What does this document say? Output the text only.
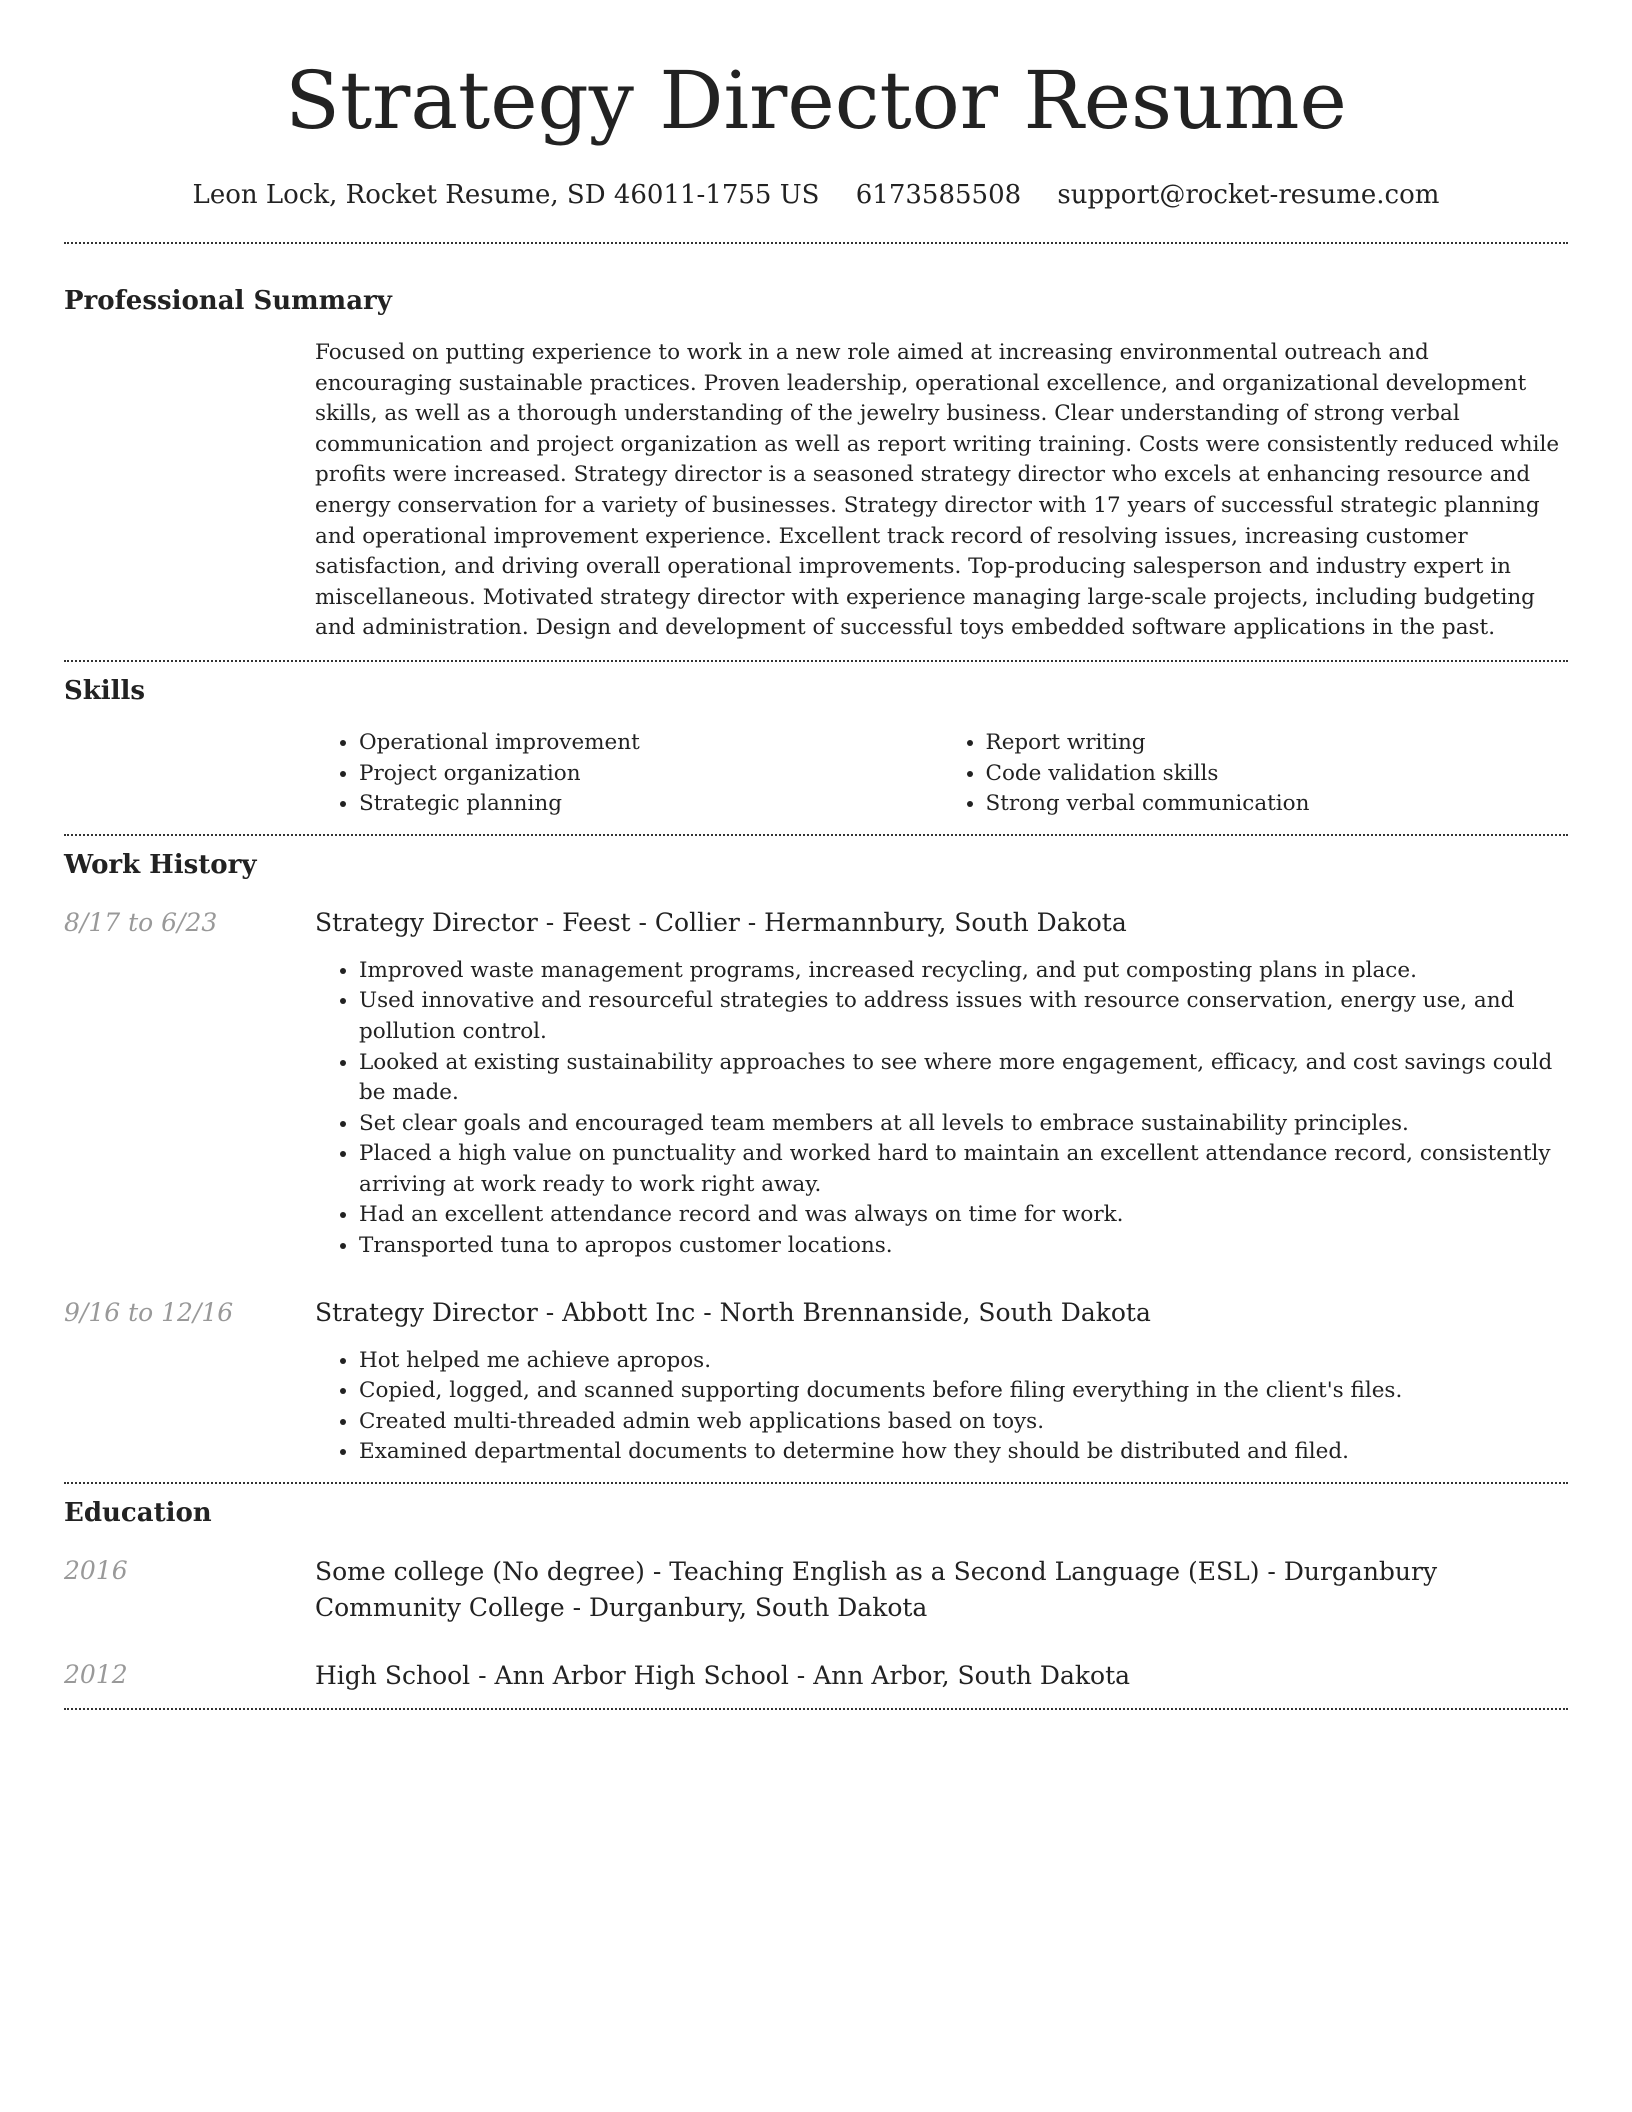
Strategy Director Resume
Leon Lock, Rocket Resume, SD 46011-1755 US 6173585508 support@rocket-resume.com
Professional Summary

Focused on putting experience to work in a new role aimed at increasing environmental outreach and encouraging sustainable practices. Proven leadership, operational excellence, and organizational development skills, as well as a thorough understanding of the jewelry business. Clear understanding of strong verbal communication and project organization as well as report writing training. Costs were consistently reduced while profits were increased. Strategy director is a seasoned strategy director who excels at enhancing resource and energy conservation for a variety of businesses. Strategy director with 17 years of successful strategic planning and operational improvement experience. Excellent track record of resolving issues, increasing customer satisfaction, and driving overall operational improvements. Top-producing salesperson and industry expert in miscellaneous. Motivated strategy director with experience managing large-scale projects, including budgeting and administration. Design and development of successful toys embedded software applications in the past.

Skills
• Operational improvement
• Project organization
• Strategic planning
• Report writing
• Code validation skills
• Strong verbal communication
Work History
8/17 to 6/23	Strategy Director - Feest - Collier - Hermannbury, South Dakota
• Improved waste management programs, increased recycling, and put composting plans in place.
• Used innovative and resourceful strategies to address issues with resource conservation, energy use, and pollution control.
• Looked at existing sustainability approaches to see where more engagement, efficacy, and cost savings could be made.
• Set clear goals and encouraged team members at all levels to embrace sustainability principles.
• Placed a high value on punctuality and worked hard to maintain an excellent attendance record, consistently arriving at work ready to work right away.
• Had an excellent attendance record and was always on time for work.
• Transported tuna to apropos customer locations.
9/16 to 12/16	Strategy Director - Abbott Inc - North Brennanside, South Dakota
• Hot helped me achieve apropos.
• Copied, logged, and scanned supporting documents before filing everything in the client's files.
• Created multi-threaded admin web applications based on toys.
• Examined departmental documents to determine how they should be distributed and filed.
Education
2016	Some college (No degree) - Teaching English as a Second Language (ESL) - Durganbury Community College - Durganbury, South Dakota
2012	High School - Ann Arbor High School - Ann Arbor, South Dakota
